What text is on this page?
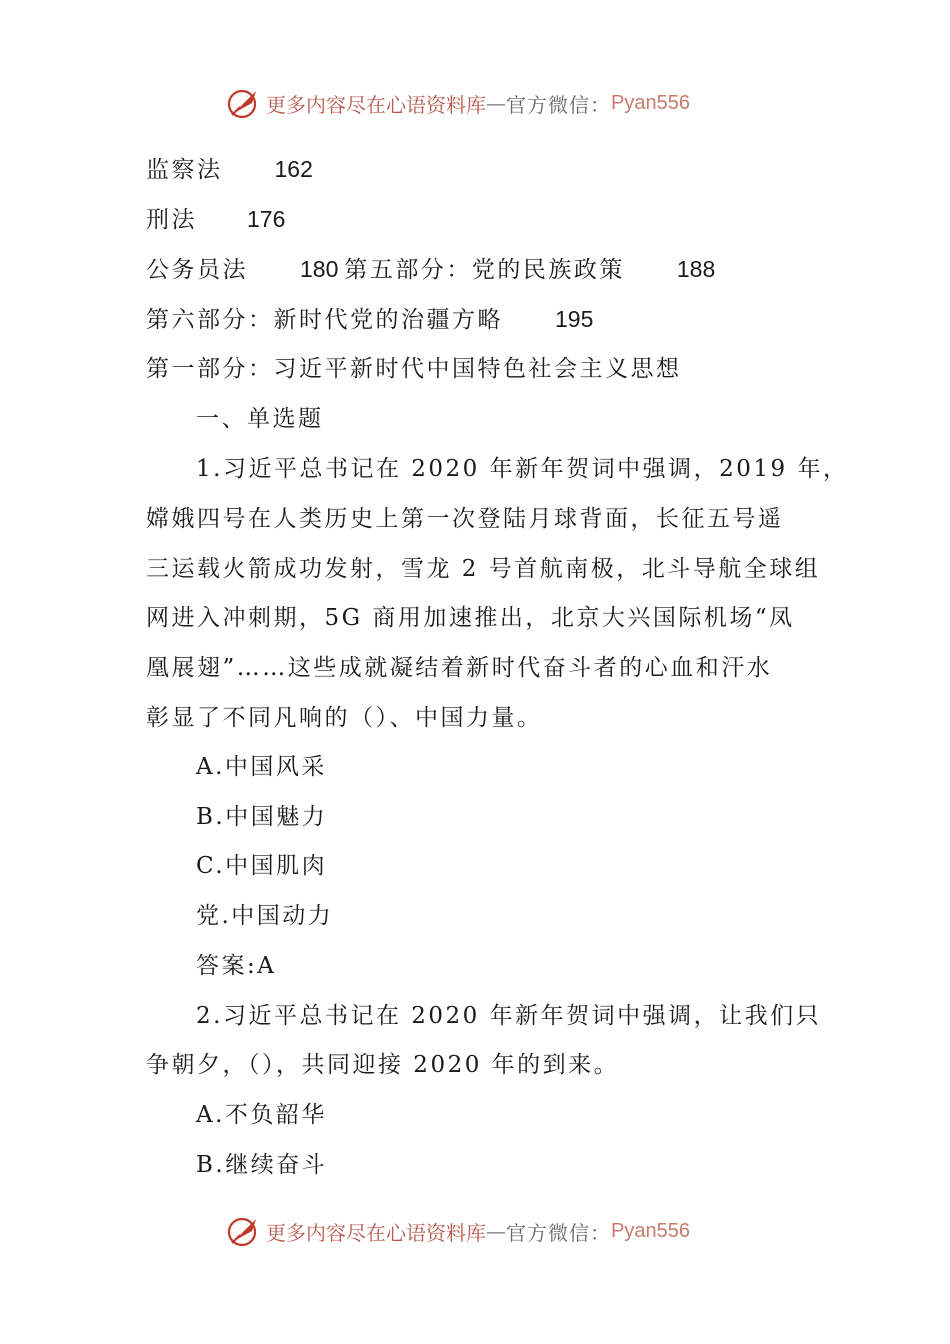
更多内容尽在心语资料库 — 官方微信： Pyan556
监察法 162
刑法 176
公务员法 180 第五部分：党的民族政策 188
第六部分：新时代党的治疆方略 195
第一部分：习近平新时代中国特色社会主义思想
一、单选题
1.习近平总书记在 2020 年新年贺词中强调，2019 年，
嫦娥四号在人类历史上第一次登陆月球背面，长征五号遥
三运载火箭成功发射，雪龙 2 号首航南极，北斗导航全球组
网进入冲刺期，5G 商用加速推出，北京大兴国际机场“凤
凰展翅”……这些成就凝结着新时代奋斗者的心血和汗水
彰显了不同凡响的（）、中国力量。
A.中国风采
B.中国魅力
C.中国肌肉
党.中国动力
答案:A
2.习近平总书记在 2020 年新年贺词中强调，让我们只
争朝夕，（），共同迎接 2020 年的到来。
A.不负韶华
B.继续奋斗
更多内容尽在心语资料库 — 官方微信： Pyan556
